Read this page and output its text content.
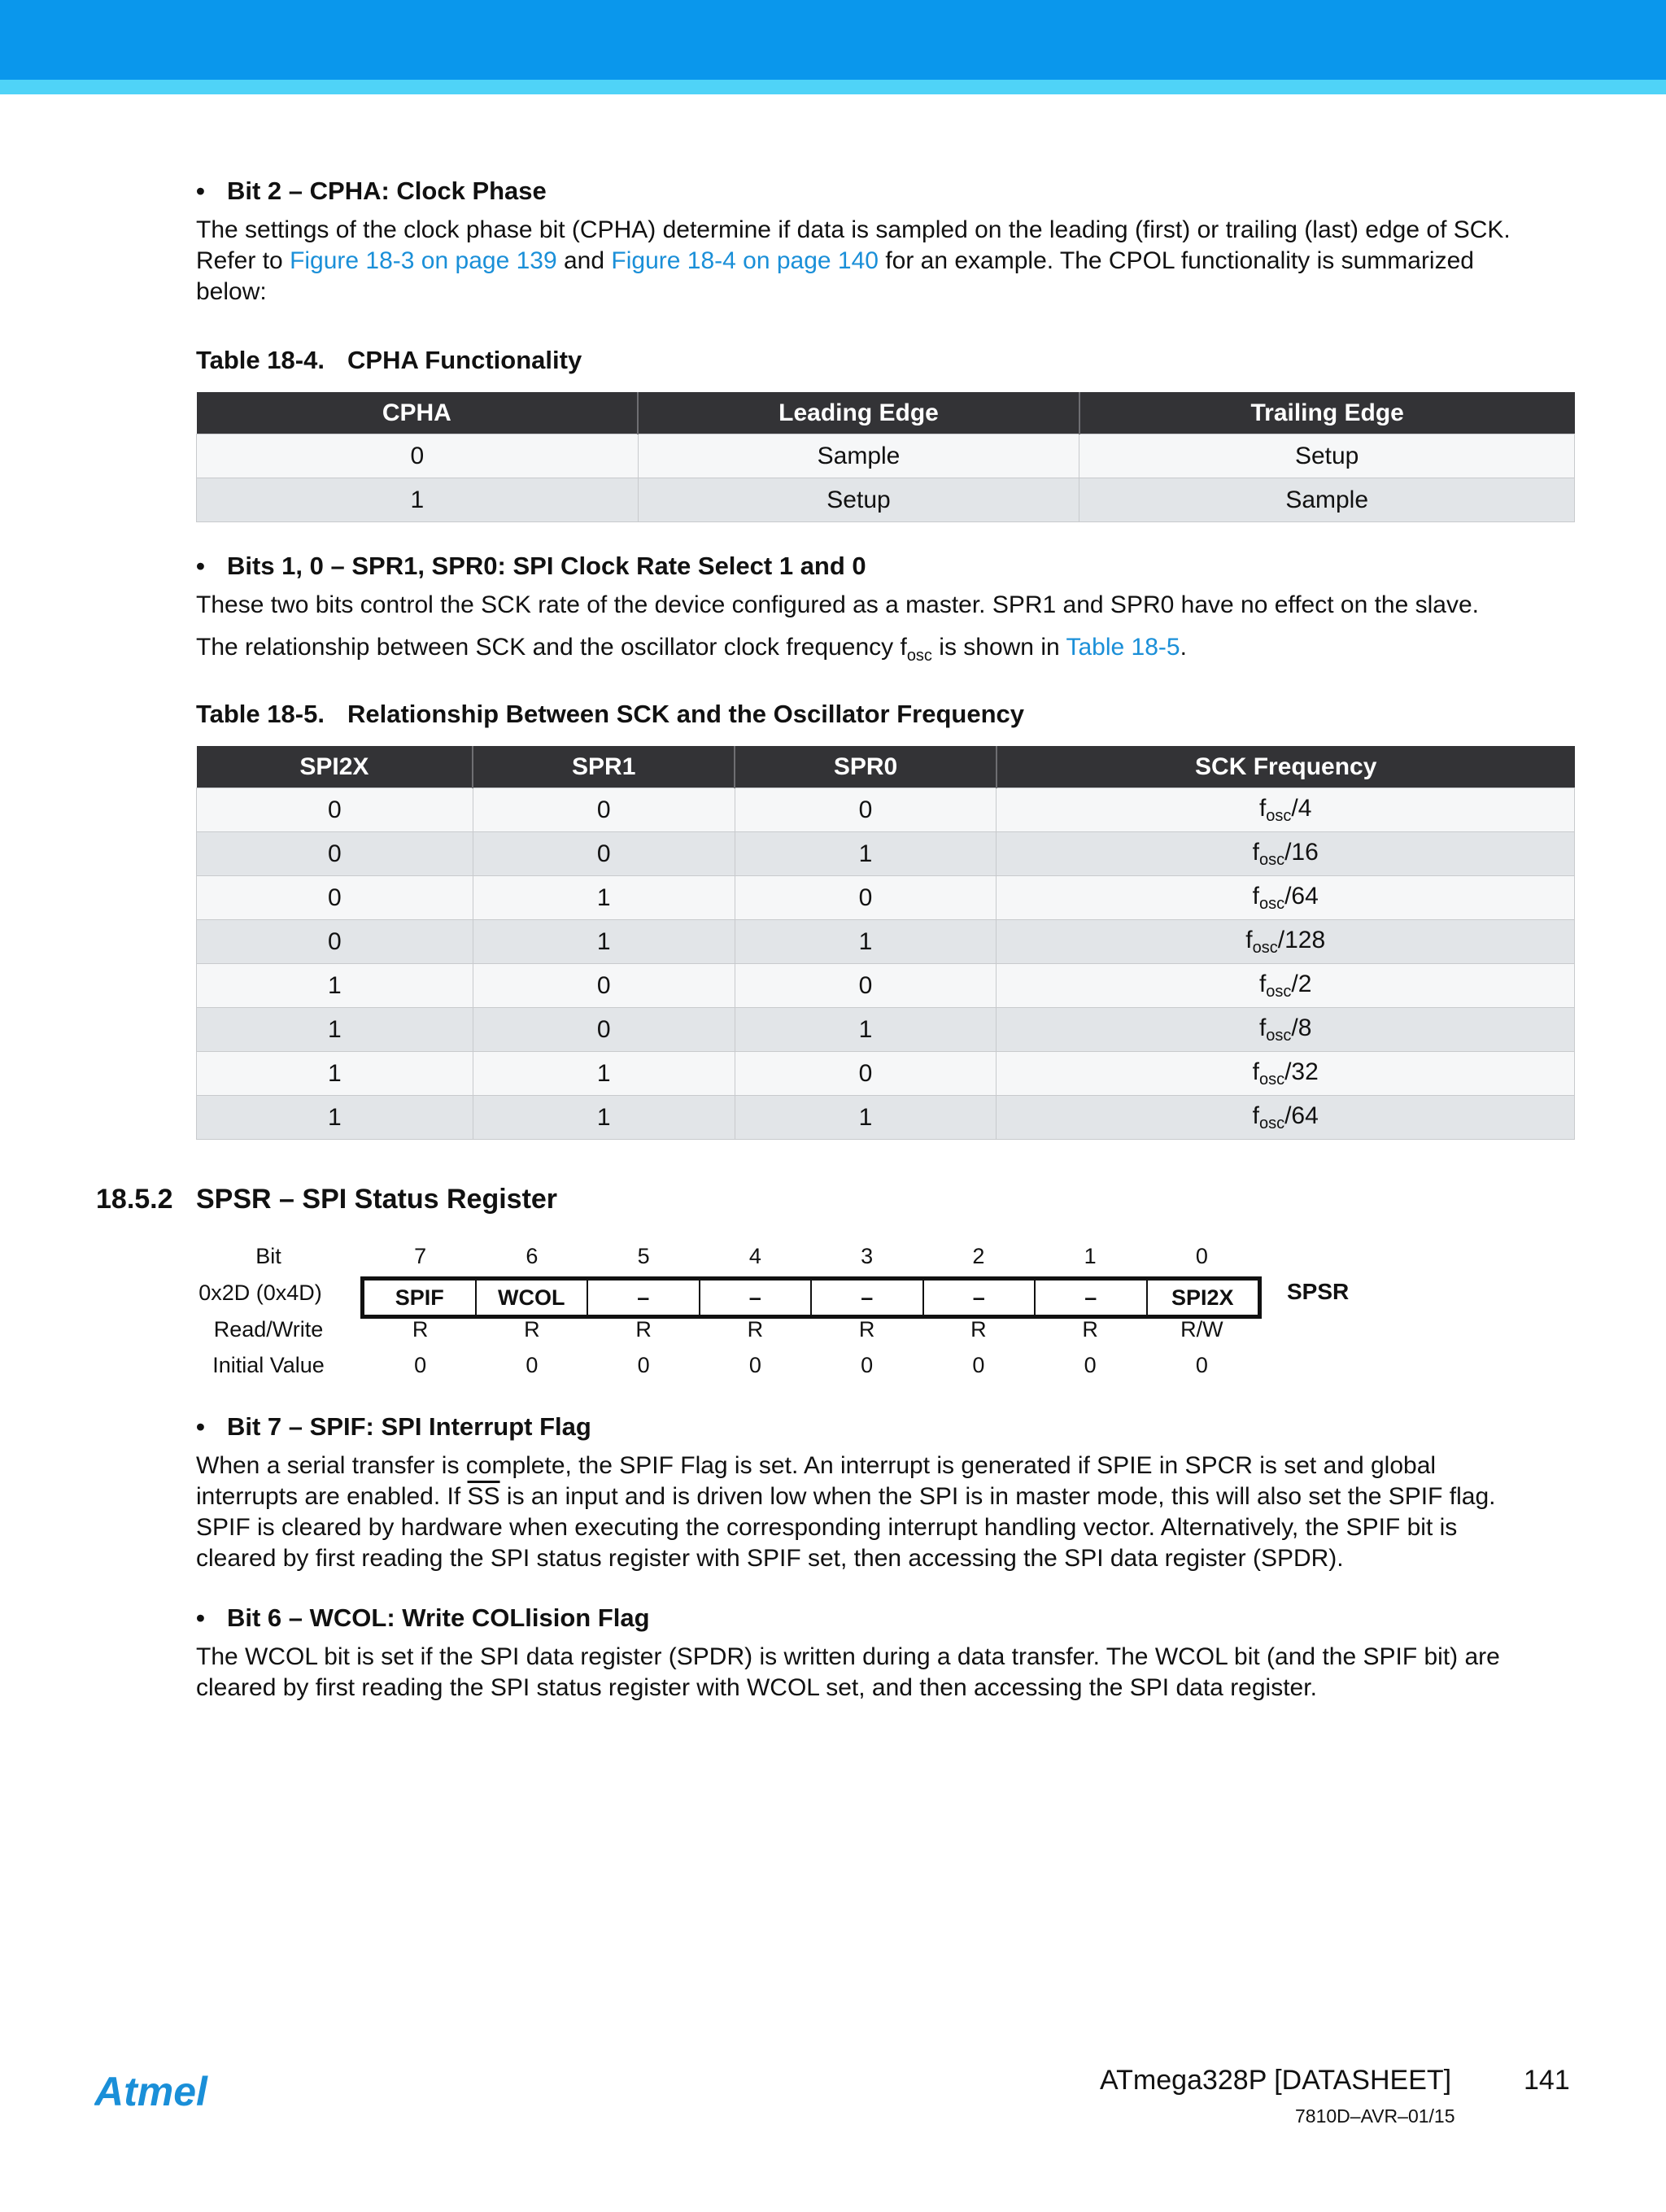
• Bit 2 – CPHA: Clock Phase

The settings of the clock phase bit (CPHA) determine if data is sampled on the leading (first) or trailing (last) edge of SCK.

Refer to Figure 18-3 on page 139 and Figure 18-4 on page 140 for an example. The CPOL functionality is summarized

below:

Table 18-4. CPHA Functionality
CPHA	Leading Edge	Trailing Edge
0	Sample	Setup
1	Setup	Sample
• Bits 1, 0 – SPR1, SPR0: SPI Clock Rate Select 1 and 0

These two bits control the SCK rate of the device configured as a master. SPR1 and SPR0 have no effect on the slave.

The relationship between SCK and the oscillator clock frequency $f_{osc}$ is shown in Table 18-5.

Table 18-5. Relationship Between SCK and the Oscillator Frequency
SPI2X	SPR1	SPR0	SCK Frequency
0	0	0	$f_{osc}/4$
0	0	1	$f_{osc}/16$
0	1	0	$f_{osc}/64$
0	1	1	$f_{osc}/128$
1	0	0	$f_{osc}/2$
1	0	1	$f_{osc}/8$
1	1	0	$f_{osc}/32$
1	1	1	$f_{osc}/64$
18.5.2 SPSR – SPI Status Register
Bit	7	6	5	4	3	2	1	0
0x2D (0x4D)	SPIF	WCOL	–	–	–	–	–	SPI2X	SPSR
Read/Write	R	R	R	R	R	R	R	R/W
Initial Value	0	0	0	0	0	0	0	0
• Bit 7 – SPIF: SPI Interrupt Flag

When a serial transfer is complete, the SPIF Flag is set. An interrupt is generated if SPIE in SPCR is set and global

interrupts are enabled. If $\overline{SS}$ is an input and is driven low when the SPI is in master mode, this will also set the SPIF flag.

SPIF is cleared by hardware when executing the corresponding interrupt handling vector. Alternatively, the SPIF bit is

cleared by first reading the SPI status register with SPIF set, then accessing the SPI data register (SPDR).

• Bit 6 – WCOL: Write COLlision Flag

The WCOL bit is set if the SPI data register (SPDR) is written during a data transfer. The WCOL bit (and the SPIF bit) are

cleared by first reading the SPI status register with WCOL set, and then accessing the SPI data register.

Atmel	ATmega328P [DATASHEET]	141
7810D–AVR–01/15
